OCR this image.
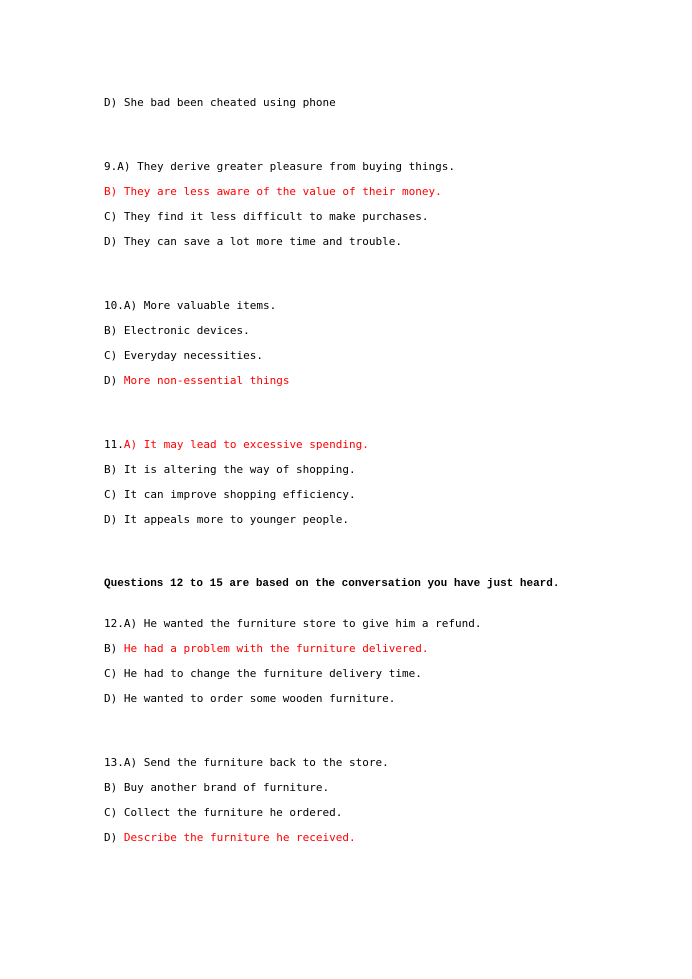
D) She bad been cheated using phone
9.A) They derive greater pleasure from buying things.
B) They are less aware of the value of their money.
C) They find it less difficult to make purchases.
D) They can save a lot more time and trouble.
10.A) More valuable items.
B) Electronic devices.
C) Everyday necessities.
D) More non-essential things
11.A) It may lead to excessive spending.
B) It is altering the way of shopping.
C) It can improve shopping efficiency.
D) It appeals more to younger people.
Questions 12 to 15 are based on the conversation you have just heard.
12.A) He wanted the furniture store to give him a refund.
B) He had a problem with the furniture delivered.
C) He had to change the furniture delivery time.
D) He wanted to order some wooden furniture.
13.A) Send the furniture back to the store.
B) Buy another brand of furniture.
C) Collect the furniture he ordered.
D) Describe the furniture he received.
